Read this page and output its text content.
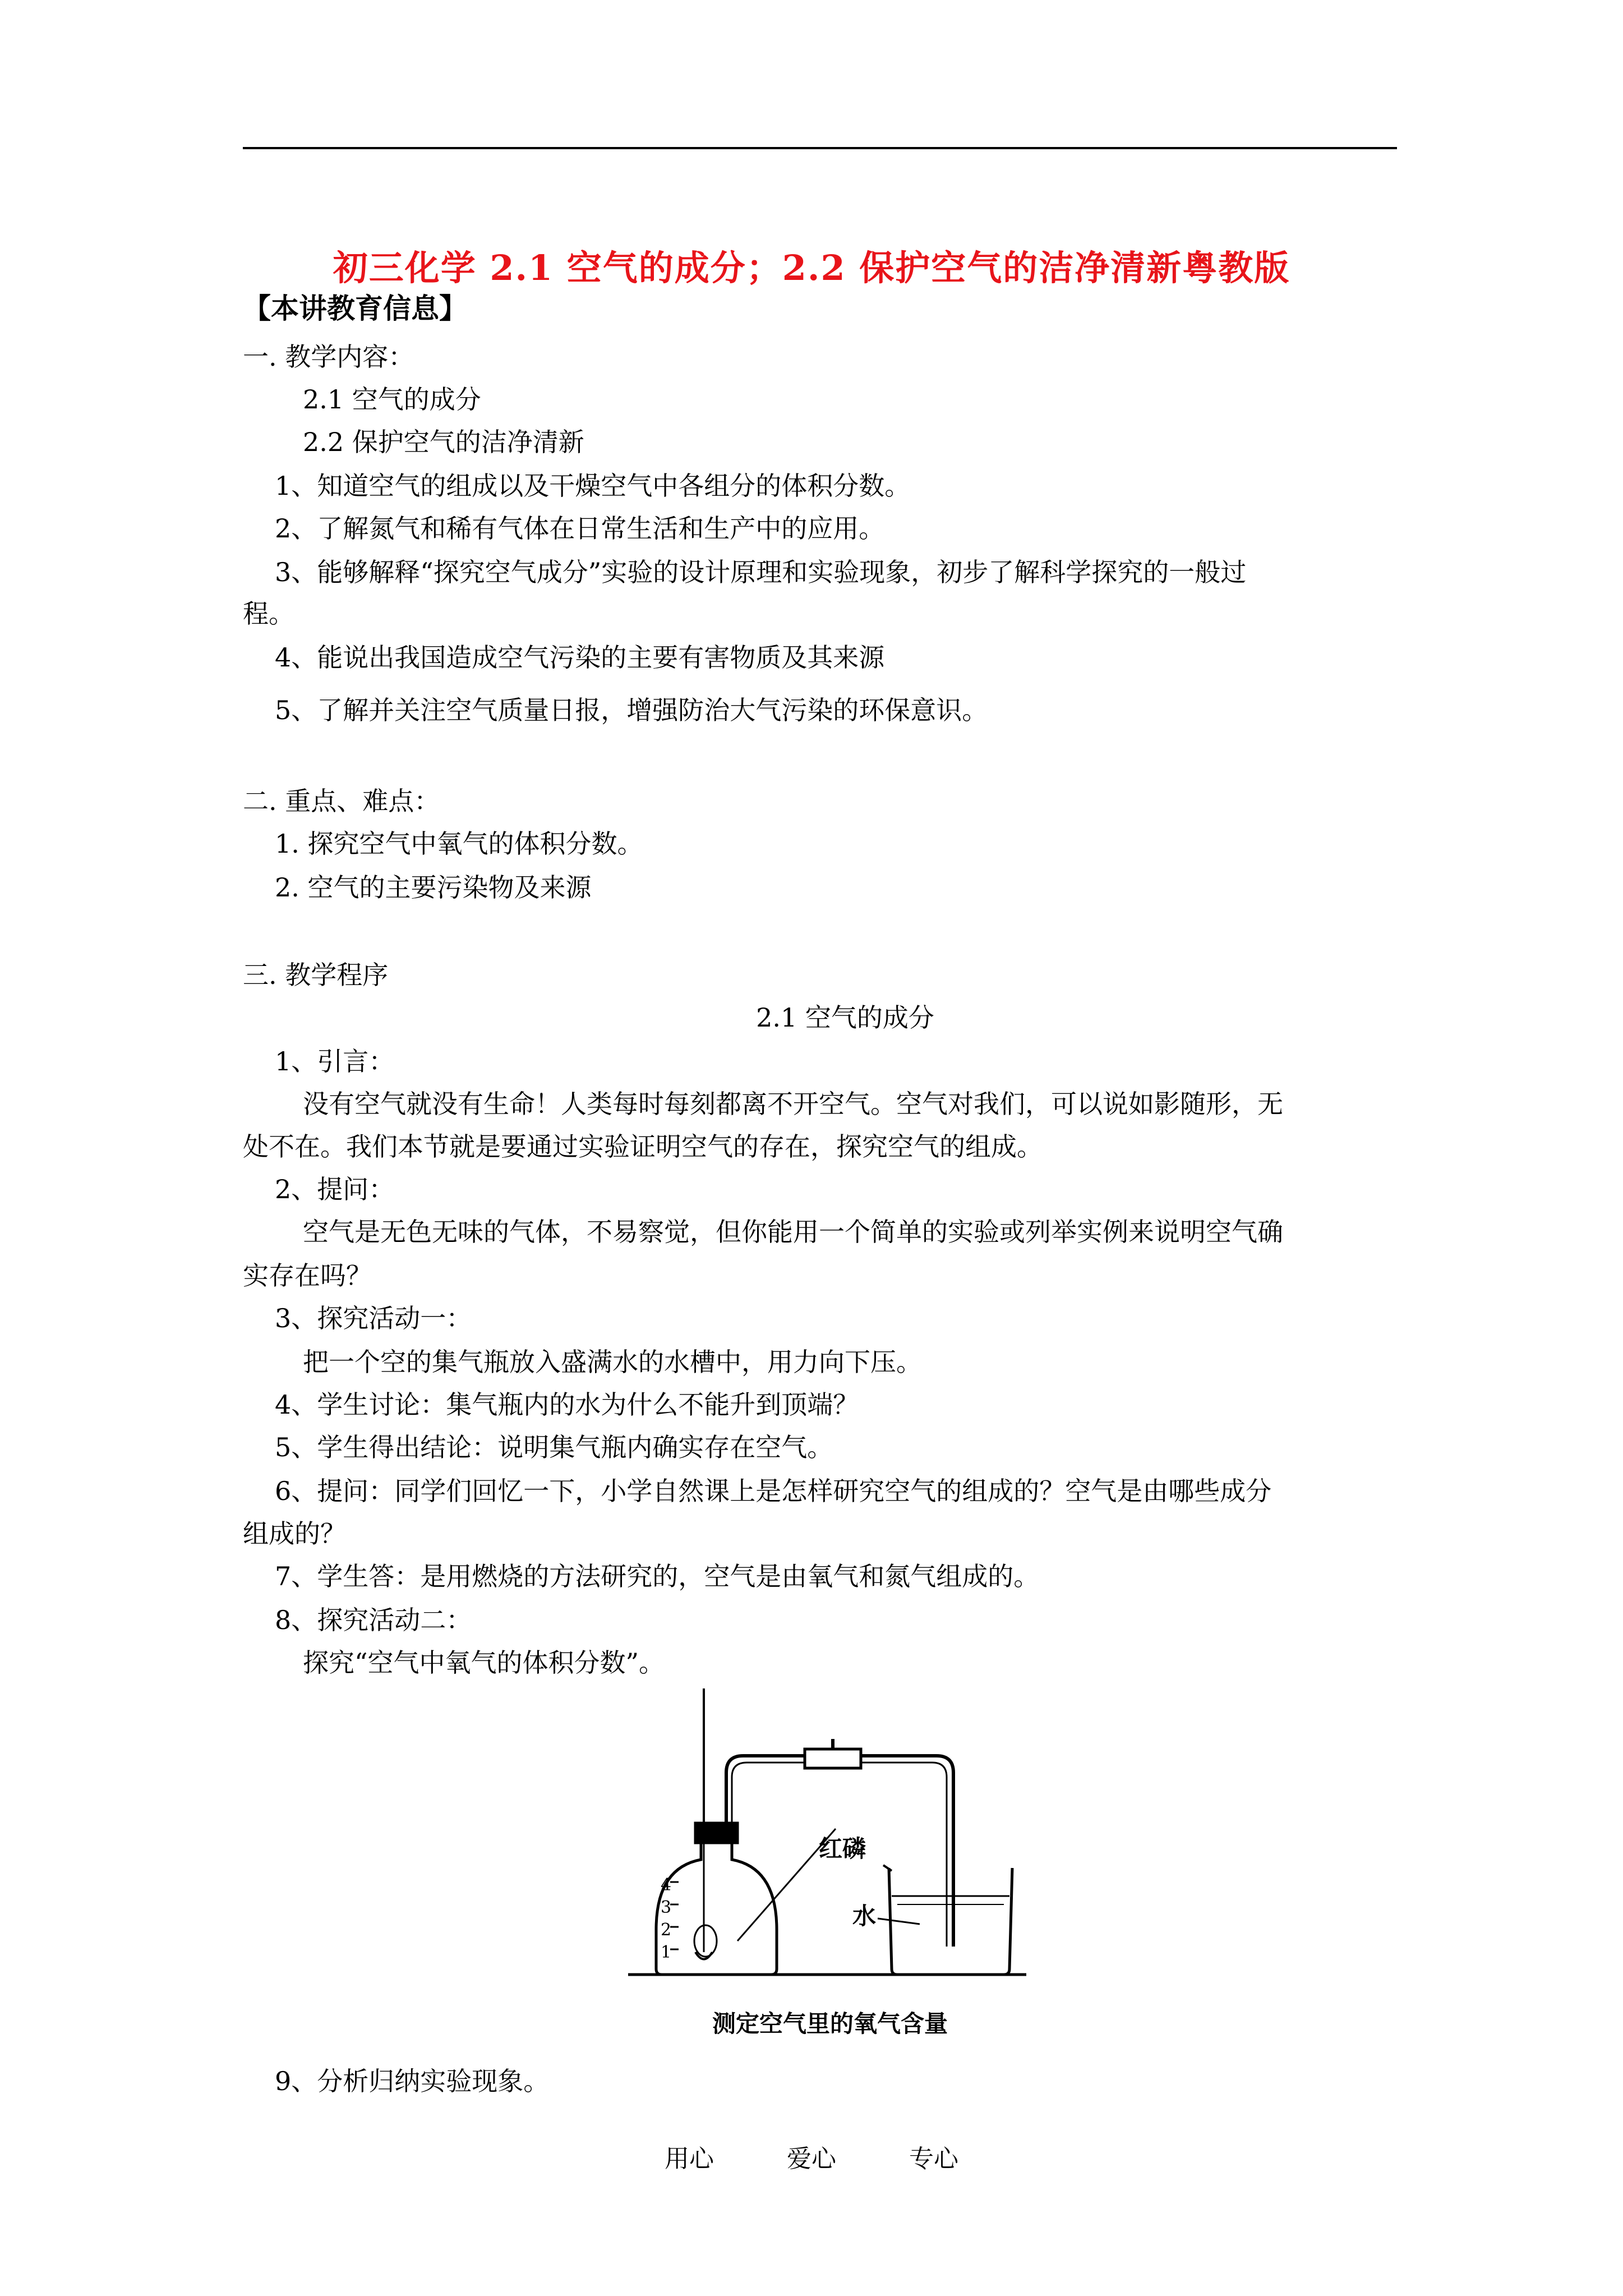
初三化学 2.1 空气的成分；2.2 保护空气的洁净清新粤教版
【本讲教育信息】
一. 教学内容：
2.1 空气的成分
2.2 保护空气的洁净清新
1、知道空气的组成以及干燥空气中各组分的体积分数。
2、了解氮气和稀有气体在日常生活和生产中的应用。
3、能够解释“探究空气成分”实验的设计原理和实验现象，初步了解科学探究的一般过
程。
4、能说出我国造成空气污染的主要有害物质及其来源
5、了解并关注空气质量日报，增强防治大气污染的环保意识。
二. 重点、难点：
1. 探究空气中氧气的体积分数。
2. 空气的主要污染物及来源
三. 教学程序
2.1 空气的成分
1、引言：
没有空气就没有生命！人类每时每刻都离不开空气。空气对我们，可以说如影随形，无
处不在。我们本节就是要通过实验证明空气的存在，探究空气的组成。
2、提问：
空气是无色无味的气体，不易察觉，但你能用一个简单的实验或列举实例来说明空气确
实存在吗？
3、探究活动一：
把一个空的集气瓶放入盛满水的水槽中，用力向下压。
4、学生讨论：集气瓶内的水为什么不能升到顶端？
5、学生得出结论：说明集气瓶内确实存在空气。
6、提问：同学们回忆一下，小学自然课上是怎样研究空气的组成的？空气是由哪些成分
组成的？
7、学生答：是用燃烧的方法研究的，空气是由氧气和氮气组成的。
8、探究活动二：
探究“空气中氧气的体积分数”。
4
3
2
1
红磷
水
测定空气里的氧气含量
9、分析归纳实验现象。
用心	爱心	专心
